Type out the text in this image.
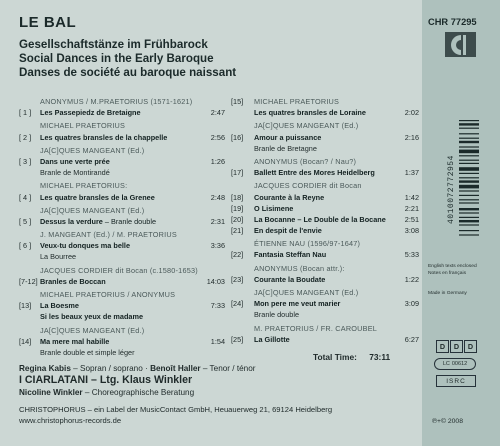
LE BAL
Gesellschaftstänze im Frühbarock
Social Dances in the Early Baroque
Danses de société au baroque naissant
ANONYMUS / M.PRAETORIUS (1571-1621)
[ 1 ] Les Passepiedz de Bretaigne	2:47
MICHAEL PRAETORIUS
[ 2 ] Les quatres bransles de la chappelle	2:56
JA[C]QUES MANGEANT (Ed.)
[ 3 ] Dans une verte prée	1:26
Branle de Montirandé
MICHAEL PRAETORIUS:
[ 4 ] Les quatre bransles de la Grenee	2:48
JA[C]QUES MANGEANT (Ed.)
[ 5 ] Dessus la verdure – Branle double	2:31
J. MANGEANT (Ed.) / M. PRAETORIUS
[ 6 ] Veux-tu donques ma belle	3:36
La Bourree
JACQUES CORDIER dit Bocan (c.1580-1653)
[7-12] Branles de Boccan	14:03
MICHAEL PRAETORIUS / ANONYMUS
[13] La Boesme	7:33
Si les beaux yeux de madame
JA[C]QUES MANGEANT (Ed.)
[14] Ma mere mal habille	1:54
Branle double et simple léger
[15] MICHAEL PRAETORIUS
Les quatres bransles de Loraine	2:02
JA[C]QUES MANGEANT (Ed.)
[16] Amour a puissance	2:16
Branle de Bretagne
ANONYMUS (Bocan? / Nau?)
[17] Ballett Entre des Mores Heidelberg	1:37
JACQUES CORDIER dit Bocan
[18] Courante à la Reyne	1:42
[19] O Lisimene	2:21
[20] La Bocanne – Le Double de la Bocane	2:51
[21] En despit de l'envie	3:08
ÉTIENNE NAU (1596/97-1647)
[22] Fantasia Steffan Nau	5:33
ANONYMUS (Bocan attr.):
[23] Courante la Boudate	1:22
JA[C]QUES MANGEANT (Ed.)
[24] Mon pere me veut marier	3:09
Branle double
M. PRAETORIUS / FR. CAROUBEL
[25] La Gillotte	6:27
Total Time: 73:11
Regina Kabis – Sopran / soprano · Benoît Haller – Tenor / ténor
I CIARLATANI – Ltg. Klaus Winkler
Nicoline Winkler – Choreographische Beratung
CHRISTOPHORUS – ein Label der MusicContact GmbH, Heuauerweg 21, 69124 Heidelberg
www.christophorus-records.de
CHR 77295
4010072772954
English texts enclosed
Notes en français
Made in Germany
D	D	D
LC 00612
ISRC
℗+© 2008
